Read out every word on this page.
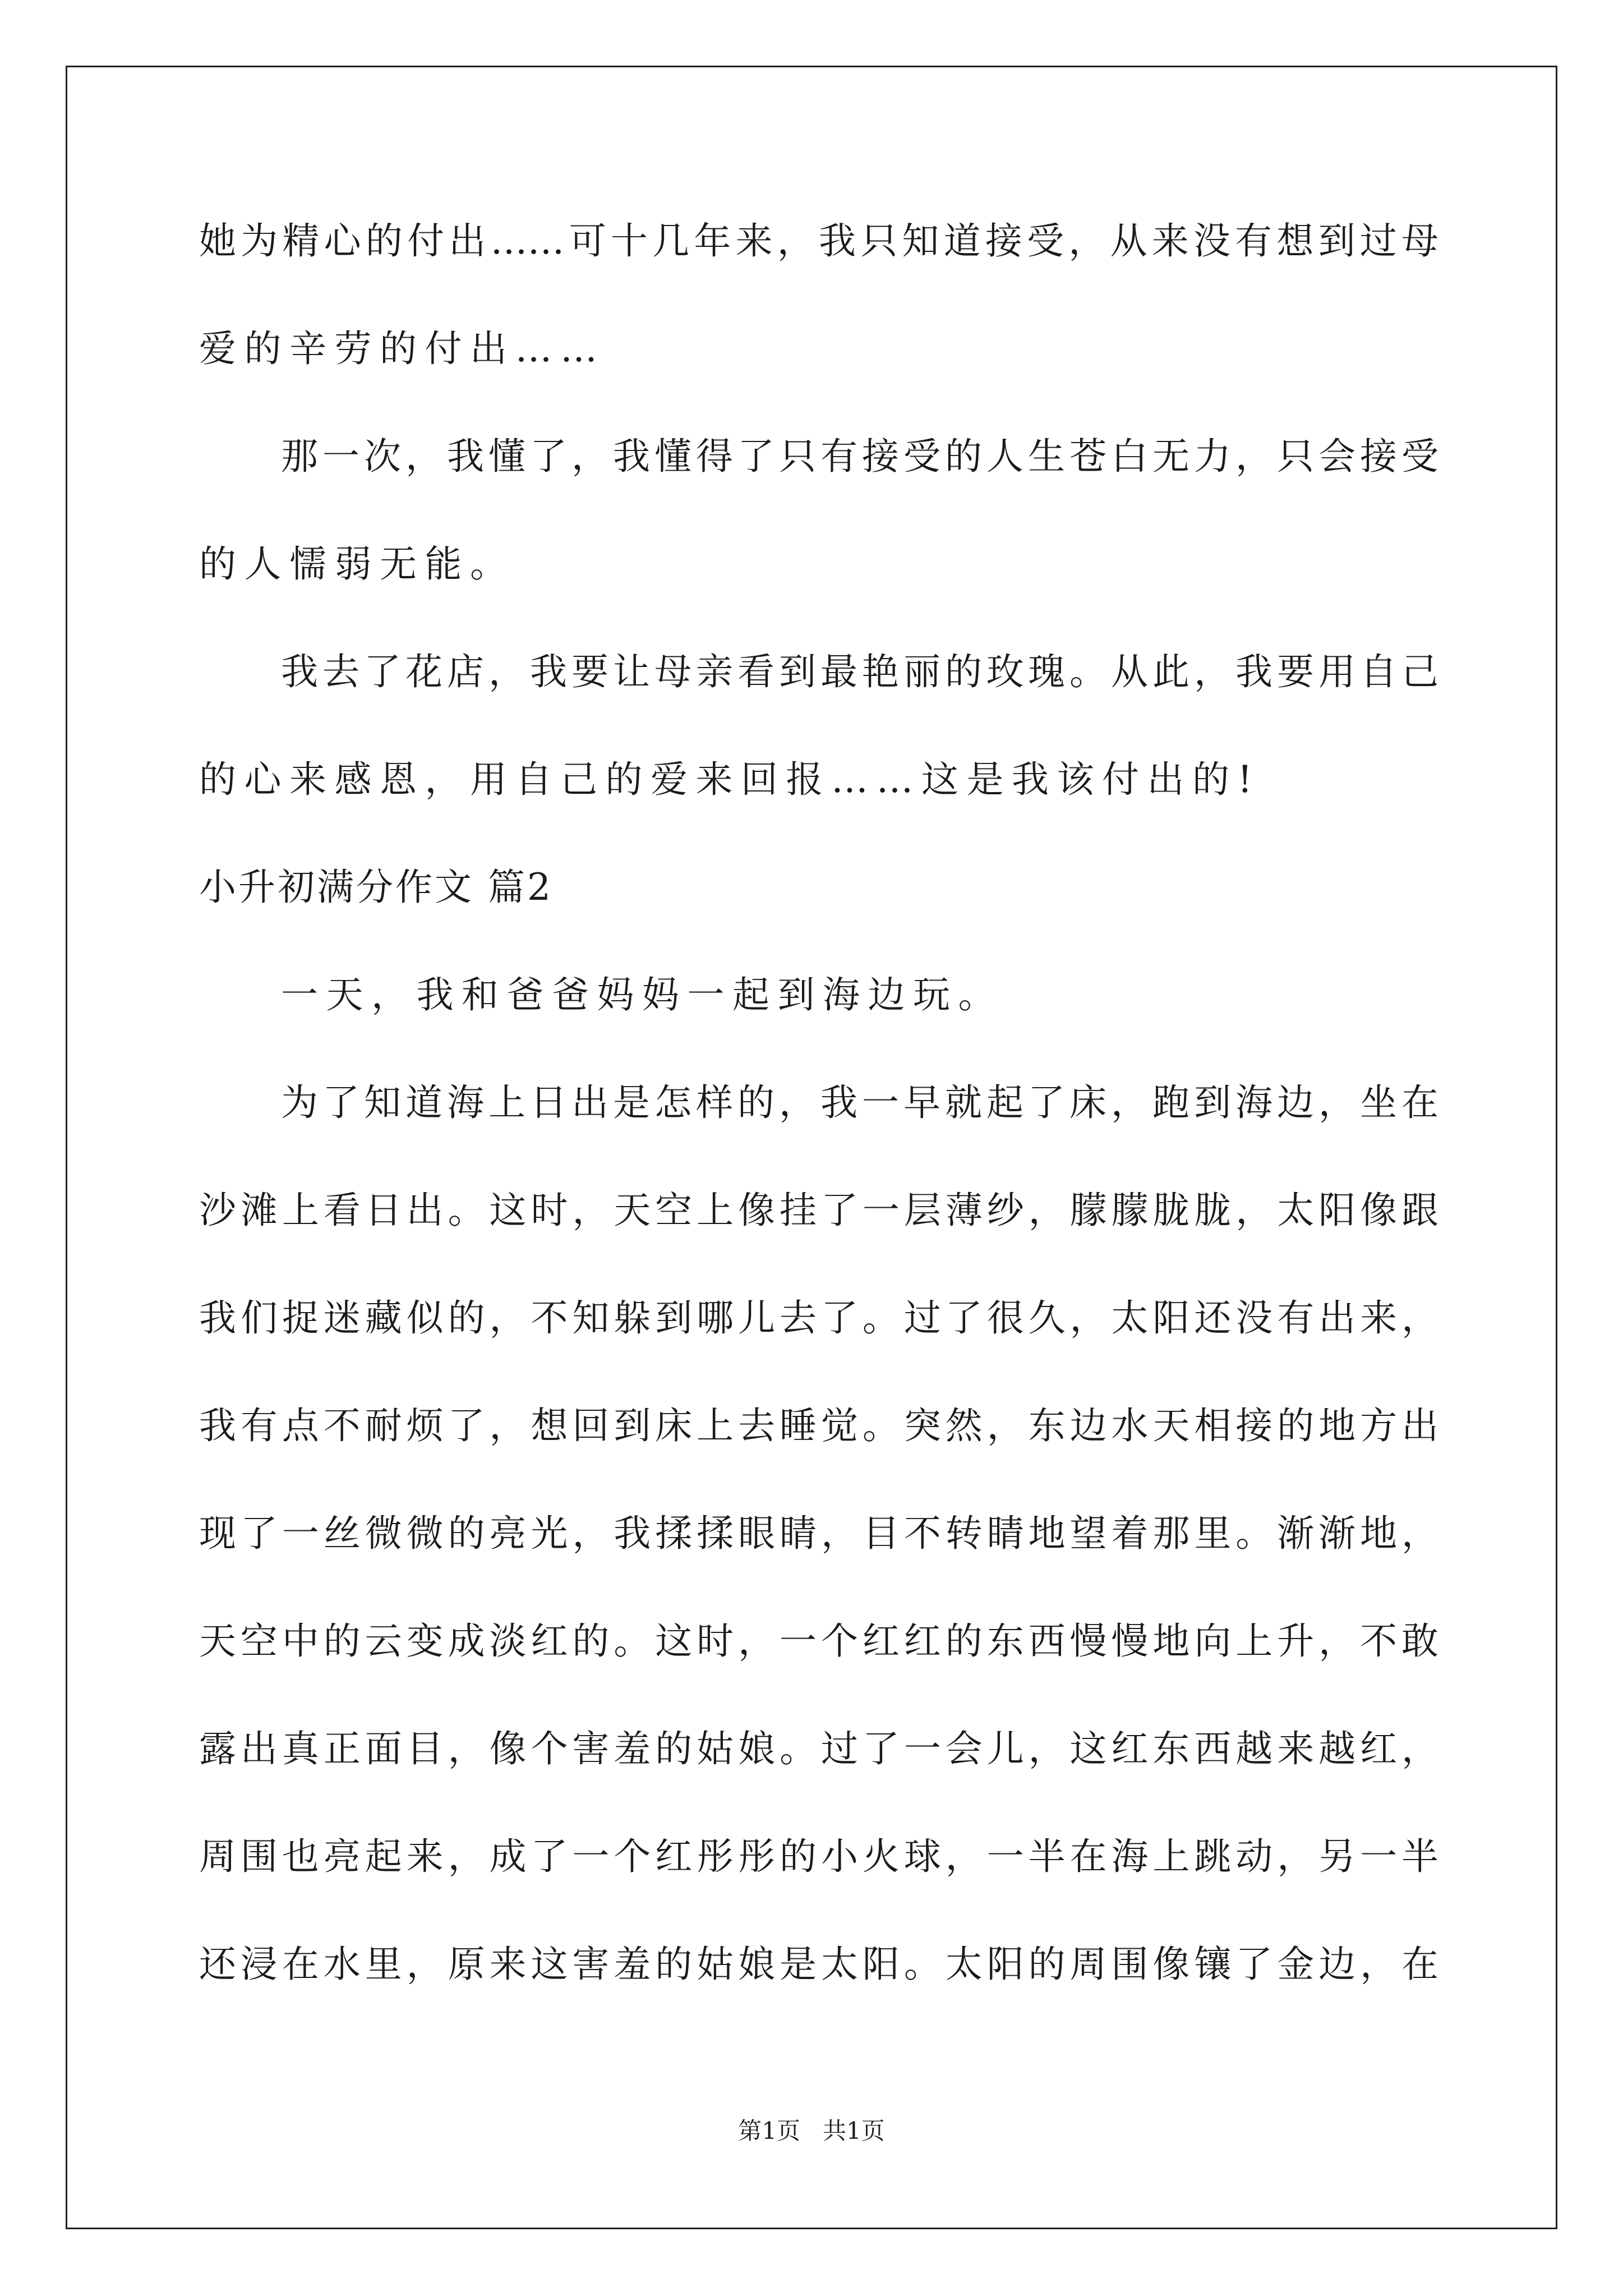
她为精心的付出……可十几年来，我只知道接受，从来没有想到过母
爱的辛劳的付出……
那一次，我懂了，我懂得了只有接受的人生苍白无力，只会接受
的人懦弱无能。
我去了花店，我要让母亲看到最艳丽的玫瑰。从此，我要用自己
的心来感恩，用自己的爱来回报……这是我该付出的!
小升初满分作文 篇2
一天，我和爸爸妈妈一起到海边玩。
为了知道海上日出是怎样的，我一早就起了床，跑到海边，坐在
沙滩上看日出。这时，天空上像挂了一层薄纱，朦朦胧胧，太阳像跟
我们捉迷藏似的，不知躲到哪儿去了。过了很久，太阳还没有出来，
我有点不耐烦了，想回到床上去睡觉。突然，东边水天相接的地方出
现了一丝微微的亮光，我揉揉眼睛，目不转睛地望着那里。渐渐地，
天空中的云变成淡红的。这时，一个红红的东西慢慢地向上升，不敢
露出真正面目，像个害羞的姑娘。过了一会儿，这红东西越来越红，
周围也亮起来，成了一个红彤彤的小火球，一半在海上跳动，另一半
还浸在水里，原来这害羞的姑娘是太阳。太阳的周围像镶了金边，在
第1页   共1页
